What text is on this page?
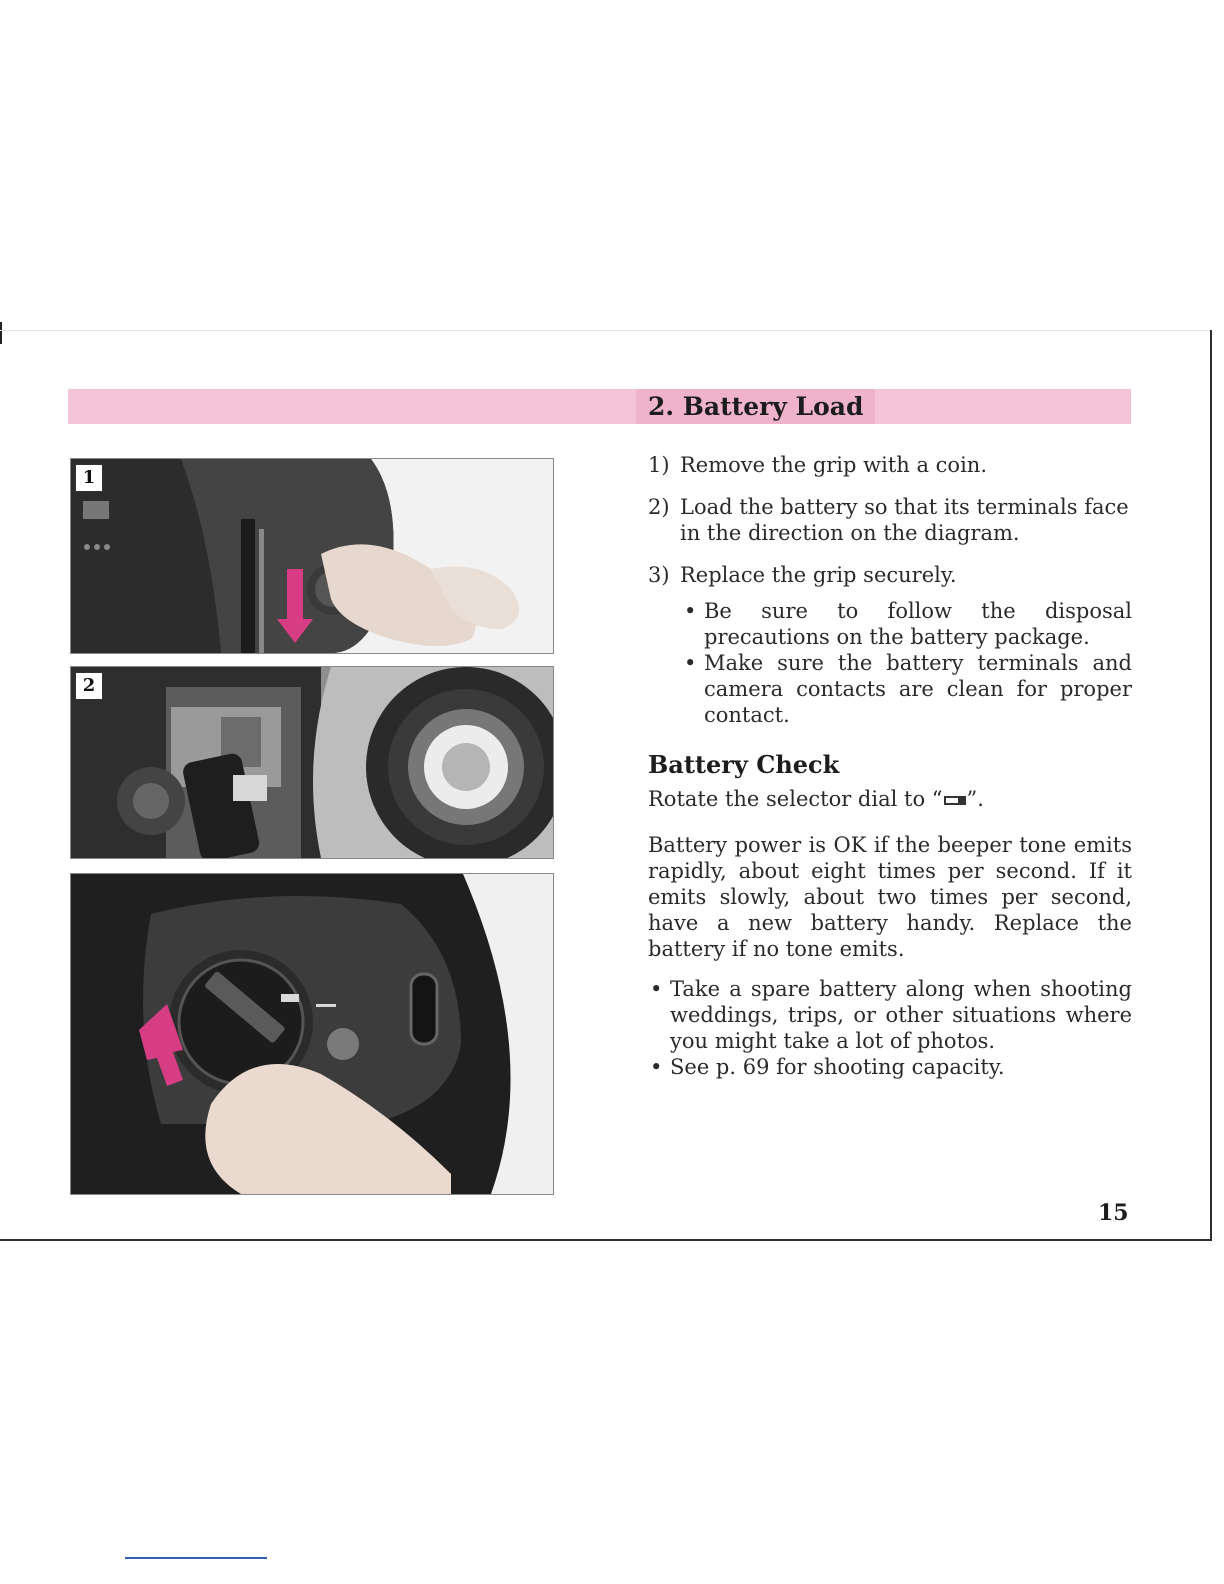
2. Battery Load
1
2
1) Remove the grip with a coin.
2) Load the battery so that its terminals face in the direction on the diagram.
3) Replace the grip securely.
• Be sure to follow the disposal precautions on the battery package.
• Make sure the battery terminals and camera contacts are clean for proper contact.
Battery Check

Rotate the selector dial to “ ”.

Battery power is OK if the beeper tone emits rapidly, about eight times per second. If it emits slowly, about two times per second, have a new battery handy. Replace the battery if no tone emits.

• Take a spare battery along when shooting weddings, trips, or other situations where you might take a lot of photos.
• See p. 69 for shooting capacity.
15
